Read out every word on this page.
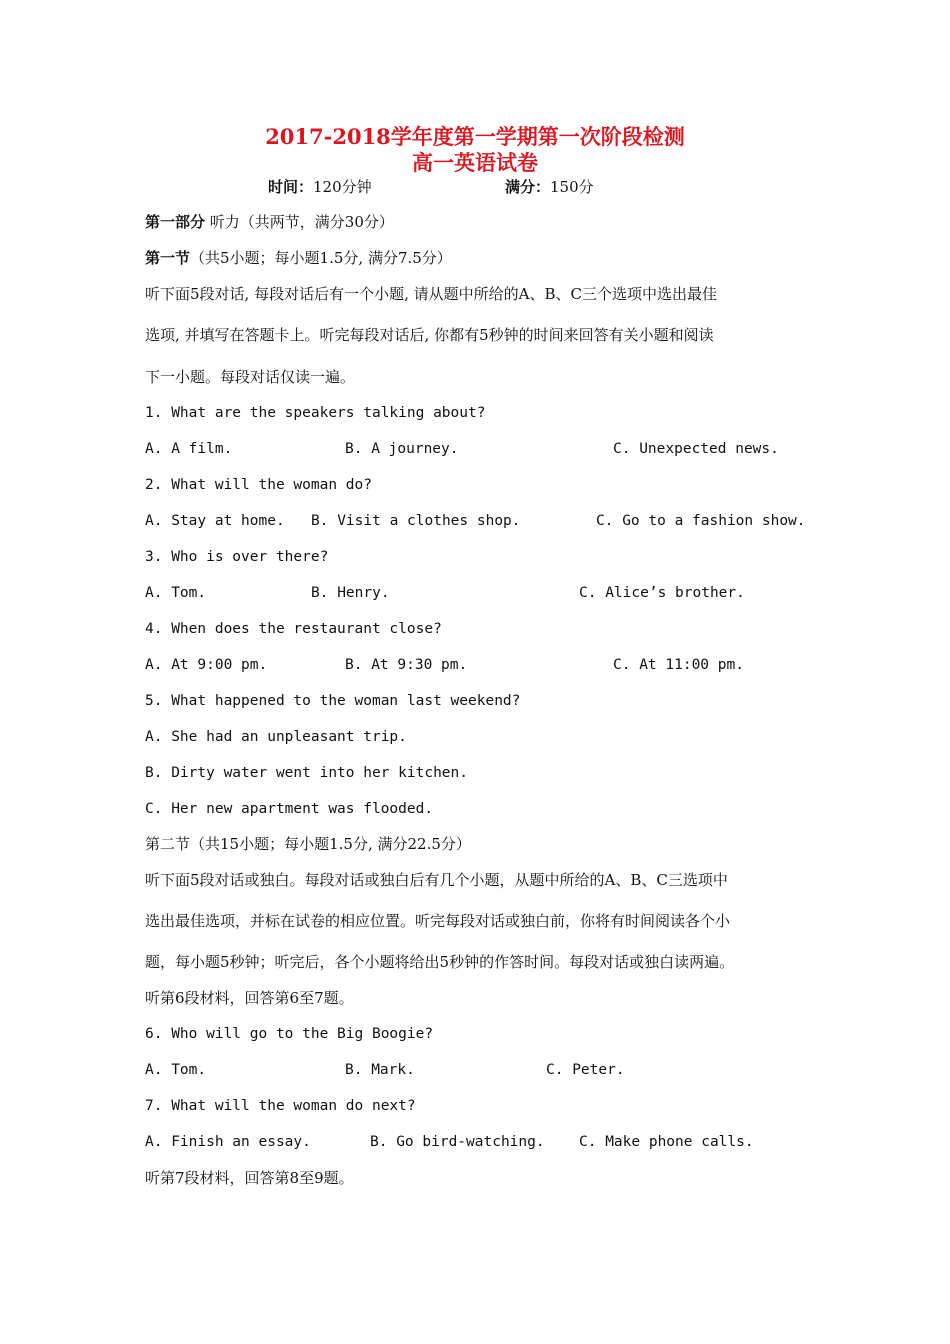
2017-2018学年度第一学期第一次阶段检测
高一英语试卷
时间：120分钟	满分：150分
第一部分 听力（共两节，满分30分）
第一节（共5小题；每小题1.5分, 满分7.5分）
听下面5段对话, 每段对话后有一个小题, 请从题中所给的A、B、C三个选项中选出最佳
选项, 并填写在答题卡上。听完每段对话后, 你都有5秒钟的时间来回答有关小题和阅读
下一小题。每段对话仅读一遍。
1. What are the speakers talking about?
A. A film.	B. A journey.	C. Unexpected news.
2. What will the woman do?
A. Stay at home. B. Visit a clothes shop.	C. Go to a fashion show.
3. Who is over there?
A. Tom.	B. Henry.	C. Alice’s brother.
4. When does the restaurant close?
A. At 9:00 pm.	B. At 9:30 pm.	C. At 11:00 pm.
5. What happened to the woman last weekend?
A. She had an unpleasant trip.
B. Dirty water went into her kitchen.
C. Her new apartment was flooded.
第二节（共15小题；每小题1.5分, 满分22.5分）
听下面5段对话或独白。每段对话或独白后有几个小题，从题中所给的A、B、C三选项中
选出最佳选项，并标在试卷的相应位置。听完每段对话或独白前，你将有时间阅读各个小
题，每小题5秒钟；听完后，各个小题将给出5秒钟的作答时间。每段对话或独白读两遍。
听第6段材料，回答第6至7题。
6. Who will go to the Big Boogie?
A. Tom.	B. Mark.	C. Peter.
7. What will the woman do next?
A. Finish an essay.	B. Go bird-watching. C. Make phone calls.
听第7段材料，回答第8至9题。
